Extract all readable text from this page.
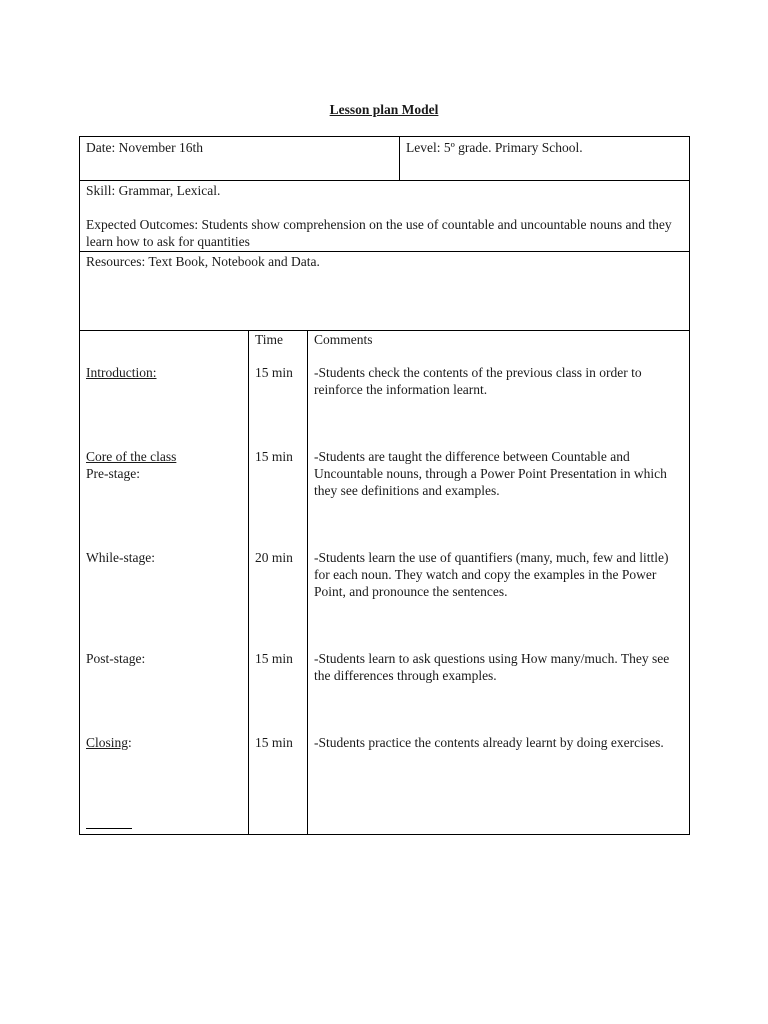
Lesson plan Model
Date: November 16th	Level: 5º grade. Primary School.
Skill: Grammar, Lexical.
Expected Outcomes: Students show comprehension on the use of countable and uncountable nouns and they learn how to ask for quantities
Resources: Text Book, Notebook and Data.
Introduction:
Core of the class
Pre-stage:
While-stage:
Post-stage:
Closing:
Time
15 min
15 min
20 min
15 min
15 min
Comments
-Students check the contents of the previous class in order to reinforce the information learnt.
-Students are taught the difference between Countable and Uncountable nouns, through a Power Point Presentation in which they see definitions and examples.
-Students learn the use of quantifiers (many, much, few and little) for each noun. They watch and copy the examples in the Power Point, and pronounce the sentences.
-Students learn to ask questions using How many/much. They see the differences through examples.
-Students practice the contents already learnt by doing exercises.
